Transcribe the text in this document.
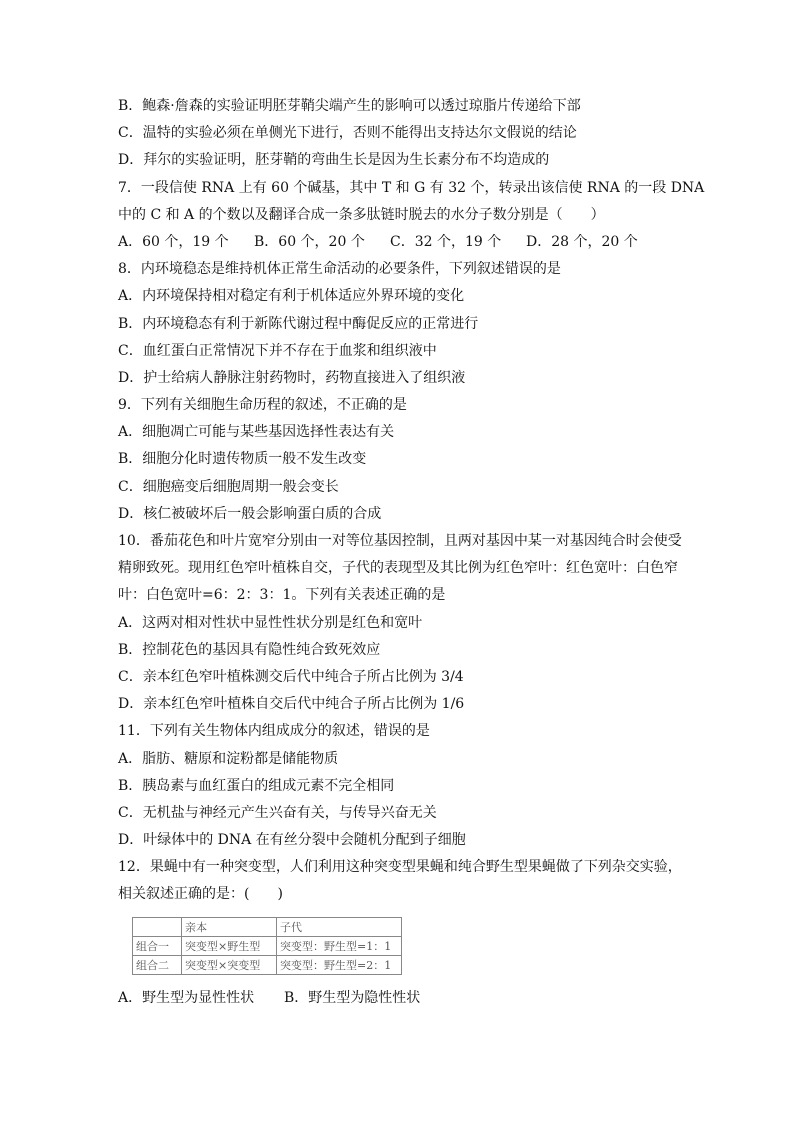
B．鲍森·詹森的实验证明胚芽鞘尖端产生的影响可以透过琼脂片传递给下部
C．温特的实验必须在单侧光下进行，否则不能得出支持达尔文假说的结论
D．拜尔的实验证明，胚芽鞘的弯曲生长是因为生长素分布不均造成的
7．一段信使 RNA 上有 60 个碱基，其中 T 和 G 有 32 个，转录出该信使 RNA 的一段 DNA
中的 C 和 A 的个数以及翻译合成一条多肽链时脱去的水分子数分别是（　　）
A．60 个，19 个 B．60 个，20 个 C．32 个，19 个 D．28 个，20 个
8．内环境稳态是维持机体正常生命活动的必要条件，下列叙述错误的是
A．内环境保持相对稳定有利于机体适应外界环境的变化
B．内环境稳态有利于新陈代谢过程中酶促反应的正常进行
C．血红蛋白正常情况下并不存在于血浆和组织液中
D．护士给病人静脉注射药物时，药物直接进入了组织液
9．下列有关细胞生命历程的叙述，不正确的是
A．细胞凋亡可能与某些基因选择性表达有关
B．细胞分化时遗传物质一般不发生改变
C．细胞癌变后细胞周期一般会变长
D．核仁被破坏后一般会影响蛋白质的合成
10．番茄花色和叶片宽窄分别由一对等位基因控制，且两对基因中某一对基因纯合时会使受
精卵致死。现用红色窄叶植株自交，子代的表现型及其比例为红色窄叶：红色宽叶：白色窄
叶：白色宽叶=6：2：3：1。下列有关表述正确的是
A．这两对相对性状中显性性状分别是红色和宽叶
B．控制花色的基因具有隐性纯合致死效应
C．亲本红色窄叶植株测交后代中纯合子所占比例为 3/4
D．亲本红色窄叶植株自交后代中纯合子所占比例为 1/6
11．下列有关生物体内组成成分的叙述，错误的是
A．脂肪、糖原和淀粉都是储能物质
B．胰岛素与血红蛋白的组成元素不完全相同
C．无机盐与神经元产生兴奋有关，与传导兴奋无关
D．叶绿体中的 DNA 在有丝分裂中会随机分配到子细胞
12．果蝇中有一种突变型，人们利用这种突变型果蝇和纯合野生型果蝇做了下列杂交实验，
相关叙述正确的是：(　　)
	亲本	子代
组合一	突变型×野生型	突变型：野生型=1：1
组合二	突变型×突变型	突变型：野生型=2：1
A．野生型为显性性状 B．野生型为隐性性状
